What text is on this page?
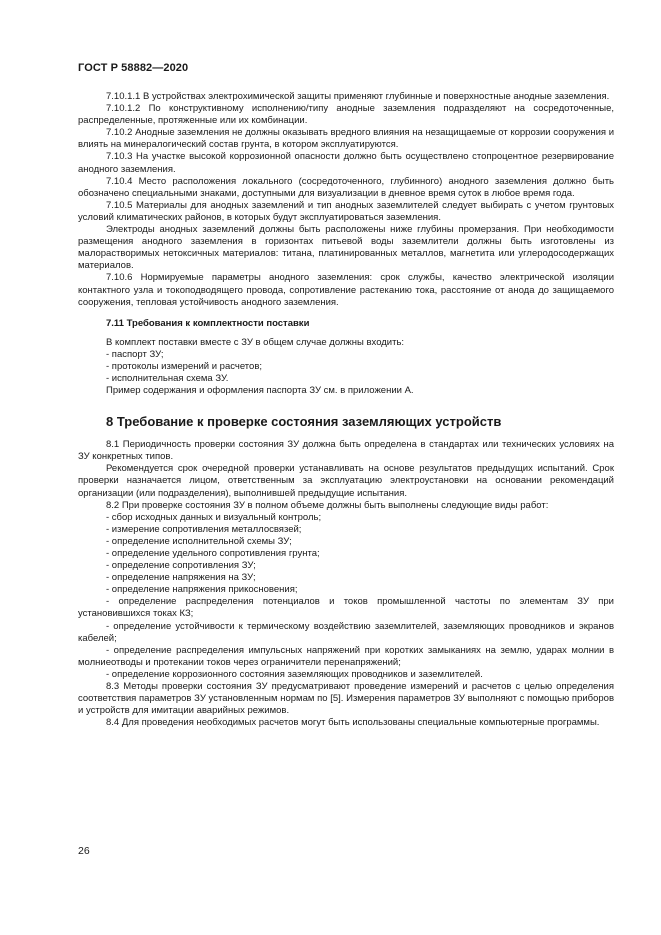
ГОСТ Р 58882—2020

7.10.1.1 В устройствах электрохимической защиты применяют глубинные и поверхностные анодные заземления.

7.10.1.2 По конструктивному исполнению/типу анодные заземления подразделяют на сосредоточенные, распределенные, протяженные или их комбинации.

7.10.2 Анодные заземления не должны оказывать вредного влияния на незащищаемые от коррозии сооружения и влиять на минералогический состав грунта, в котором эксплуатируются.

7.10.3 На участке высокой коррозионной опасности должно быть осуществлено стопроцентное резервирование анодного заземления.

7.10.4 Место расположения локального (сосредоточенного, глубинного) анодного заземления должно быть обозначено специальными знаками, доступными для визуализации в дневное время суток в любое время года.

7.10.5 Материалы для анодных заземлений и тип анодных заземлителей следует выбирать с учетом грунтовых условий климатических районов, в которых будут эксплуатироваться заземления.

Электроды анодных заземлений должны быть расположены ниже глубины промерзания. При необходимости размещения анодного заземления в горизонтах питьевой воды заземлители должны быть изготовлены из малорастворимых нетоксичных материалов: титана, платинированных металлов, магнетита или углеродосодержащих материалов.

7.10.6 Нормируемые параметры анодного заземления: срок службы, качество электрической изоляции контактного узла и токоподводящего провода, сопротивление растеканию тока, расстояние от анода до защищаемого сооружения, тепловая устойчивость анодного заземления.

7.11 Требования к комплектности поставки

В комплект поставки вместе с ЗУ в общем случае должны входить:

- паспорт ЗУ;

- протоколы измерений и расчетов;

- исполнительная схема ЗУ.

Пример содержания и оформления паспорта ЗУ см. в приложении А.

8 Требование к проверке состояния заземляющих устройств

8.1 Периодичность проверки состояния ЗУ должна быть определена в стандартах или технических условиях на ЗУ конкретных типов.

Рекомендуется срок очередной проверки устанавливать на основе результатов предыдущих испытаний. Срок проверки назначается лицом, ответственным за эксплуатацию электроустановки на основании рекомендаций организации (или подразделения), выполнившей предыдущие испытания.

8.2 При проверке состояния ЗУ в полном объеме должны быть выполнены следующие виды работ:

- сбор исходных данных и визуальный контроль;

- измерение сопротивления металлосвязей;

- определение исполнительной схемы ЗУ;

- определение удельного сопротивления грунта;

- определение сопротивления ЗУ;

- определение напряжения на ЗУ;

- определение напряжения прикосновения;

- определение распределения потенциалов и токов промышленной частоты по элементам ЗУ при установившихся токах КЗ;

- определение устойчивости к термическому воздействию заземлителей, заземляющих проводников и экранов кабелей;

- определение распределения импульсных напряжений при коротких замыканиях на землю, ударах молнии в молниеотводы и протекании токов через ограничители перенапряжений;

- определение коррозионного состояния заземляющих проводников и заземлителей.

8.3 Методы проверки состояния ЗУ предусматривают проведение измерений и расчетов с целью определения соответствия параметров ЗУ установленным нормам по [5]. Измерения параметров ЗУ выполняют с помощью приборов и устройств для имитации аварийных режимов.

8.4 Для проведения необходимых расчетов могут быть использованы специальные компьютерные программы.

26
